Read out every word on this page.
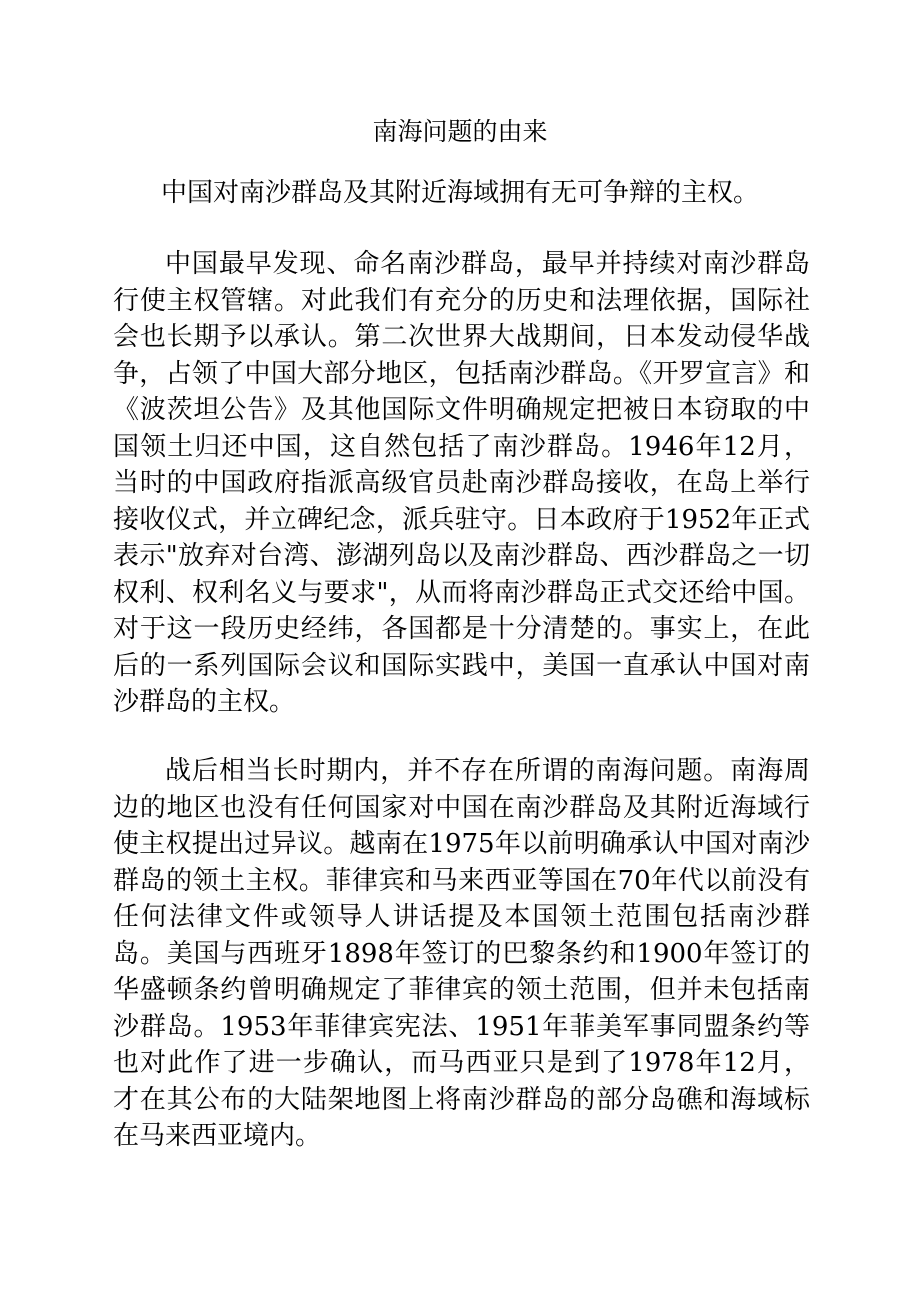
南海问题的由来
中国对南沙群岛及其附近海域拥有无可争辩的主权。

中国最早发现、命名南沙群岛，最早并持续对南沙群岛行使主权管辖。对此我们有充分的历史和法理依据，国际社会也长期予以承认。第二次世界大战期间，日本发动侵华战争，占领了中国大部分地区，包括南沙群岛。《开罗宣言》和《波茨坦公告》及其他国际文件明确规定把被日本窃取的中国领土归还中国，这自然包括了南沙群岛。1946年12月，当时的中国政府指派高级官员赴南沙群岛接收，在岛上举行接收仪式，并立碑纪念，派兵驻守。日本政府于1952年正式表示"放弃对台湾、澎湖列岛以及南沙群岛、西沙群岛之一切权利、权利名义与要求"，从而将南沙群岛正式交还给中国。对于这一段历史经纬，各国都是十分清楚的。事实上，在此后的一系列国际会议和国际实践中，美国一直承认中国对南沙群岛的主权。

战后相当长时期内，并不存在所谓的南海问题。南海周边的地区也没有任何国家对中国在南沙群岛及其附近海域行使主权提出过异议。越南在1975年以前明确承认中国对南沙群岛的领土主权。菲律宾和马来西亚等国在70年代以前没有任何法律文件或领导人讲话提及本国领土范围包括南沙群岛。美国与西班牙1898年签订的巴黎条约和1900年签订的华盛顿条约曾明确规定了菲律宾的领土范围，但并未包括南沙群岛。1953年菲律宾宪法、1951年菲美军事同盟条约等也对此作了进一步确认，而马西亚只是到了1978年12月，才在其公布的大陆架地图上将南沙群岛的部分岛礁和海域标在马来西亚境内。
